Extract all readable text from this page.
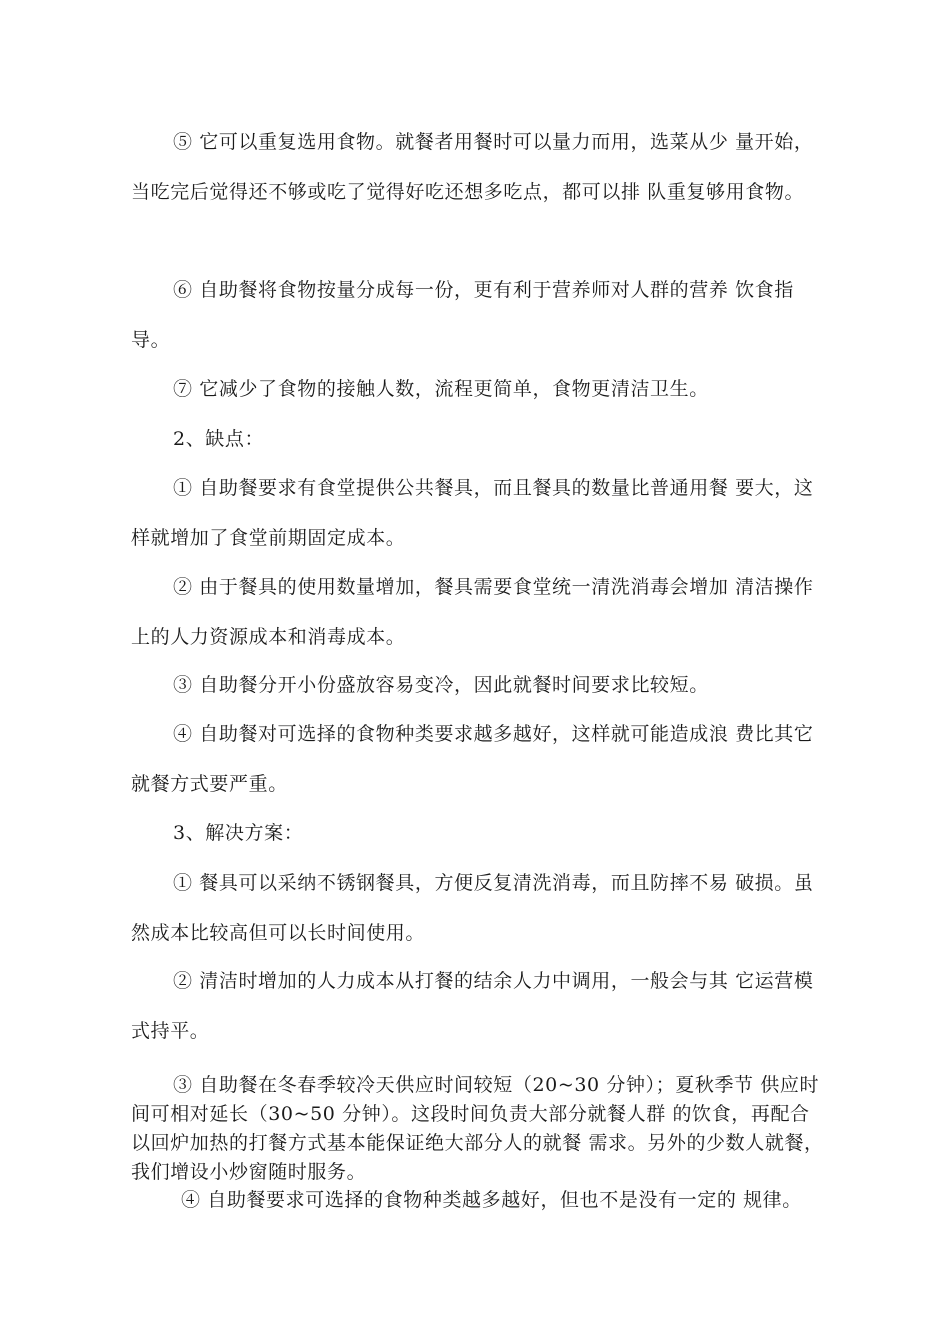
⑤ 它可以重复选用食物。就餐者用餐时可以量力而用，选菜从少 量开始，当吃完后觉得还不够或吃了觉得好吃还想多吃点，都可以排 队重复够用食物。

⑥ 自助餐将食物按量分成每一份，更有利于营养师对人群的营养 饮食指导。

⑦ 它减少了食物的接触人数，流程更简单，食物更清洁卫生。

2、缺点：

① 自助餐要求有食堂提供公共餐具，而且餐具的数量比普通用餐 要大，这样就增加了食堂前期固定成本。

② 由于餐具的使用数量增加，餐具需要食堂统一清洗消毒会增加 清洁操作上的人力资源成本和消毒成本。

③ 自助餐分开小份盛放容易变冷，因此就餐时间要求比较短。

④ 自助餐对可选择的食物种类要求越多越好，这样就可能造成浪 费比其它就餐方式要严重。

3、解决方案：

① 餐具可以采纳不锈钢餐具，方便反复清洗消毒，而且防摔不易 破损。虽然成本比较高但可以长时间使用。

② 清洁时增加的人力成本从打餐的结余人力中调用，一般会与其 它运营模式持平。

③ 自助餐在冬春季较冷天供应时间较短（20~30 分钟）；夏秋季节 供应时间可相对延长（30~50 分钟）。这段时间负责大部分就餐人群 的饮食，再配合以回炉加热的打餐方式基本能保证绝大部分人的就餐 需求。另外的少数人就餐，我们增设小炒窗随时服务。

④ 自助餐要求可选择的食物种类越多越好，但也不是没有一定的 规律。
